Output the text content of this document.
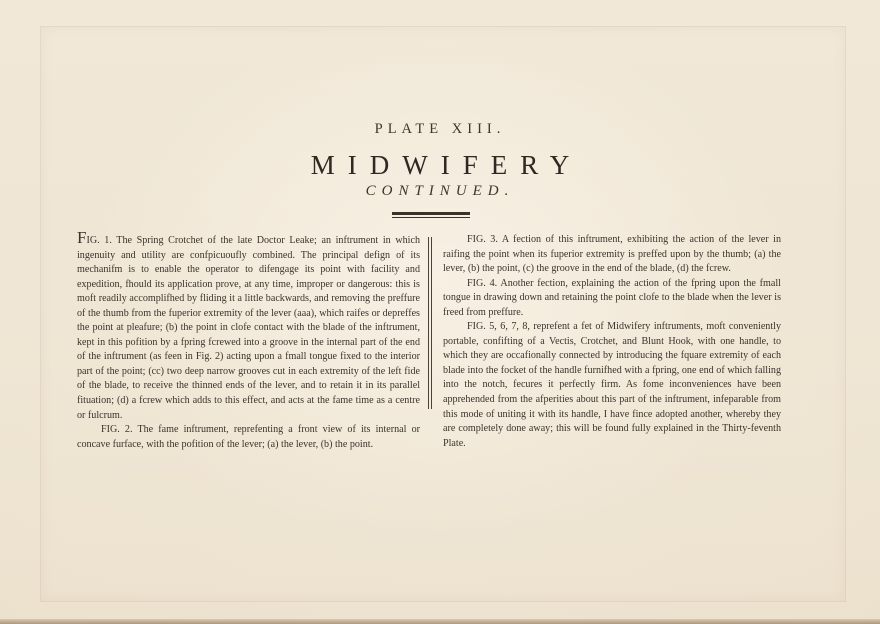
PLATE XIII.
MIDWIFERY
CONTINUED.

FIG. 1. The Spring Crotchet of the late Doctor Leake; an inftrument in which ingenuity and utility are confpicuoufly combined. The principal defign of its mechanifm is to enable the operator to difengage its point with facility and expedition, fhould its application prove, at any time, improper or dangerous: this is moft readily accomplifhed by fliding it a little backwards, and removing the preffure of the thumb from the fuperior extremity of the lever (aaa), which raifes or depreffes the point at pleafure; (b) the point in clofe contact with the blade of the inftrument, kept in this pofition by a fpring fcrewed into a groove in the internal part of the end of the inftrument (as feen in Fig. 2) acting upon a fmall tongue fixed to the interior part of the point; (cc) two deep narrow grooves cut in each extremity of the left fide of the blade, to receive the thinned ends of the lever, and to retain it in its parallel fituation; (d) a fcrew which adds to this effect, and acts at the fame time as a centre or fulcrum.

FIG. 2. The fame inftrument, reprefenting a front view of its internal or concave furface, with the pofition of the lever; (a) the lever, (b) the point.

FIG. 3. A fection of this inftrument, exhibiting the action of the lever in raifing the point when its fuperior extremity is preffed upon by the thumb; (a) the lever, (b) the point, (c) the groove in the end of the blade, (d) the fcrew.

FIG. 4. Another fection, explaining the action of the fpring upon the fmall tongue in drawing down and retaining the point clofe to the blade when the lever is freed from preffure.

FIG. 5, 6, 7, 8, reprefent a fet of Midwifery inftruments, moft conveniently portable, confifting of a Vectis, Crotchet, and Blunt Hook, with one handle, to which they are occafionally connected by introducing the fquare extremity of each blade into the focket of the handle furnifhed with a fpring, one end of which falling into the notch, fecures it perfectly firm. As fome inconveniences have been apprehended from the afperities about this part of the inftrument, infeparable from this mode of uniting it with its handle, I have fince adopted another, whereby they are completely done away; this will be found fully explained in the Thirty-feventh Plate.
